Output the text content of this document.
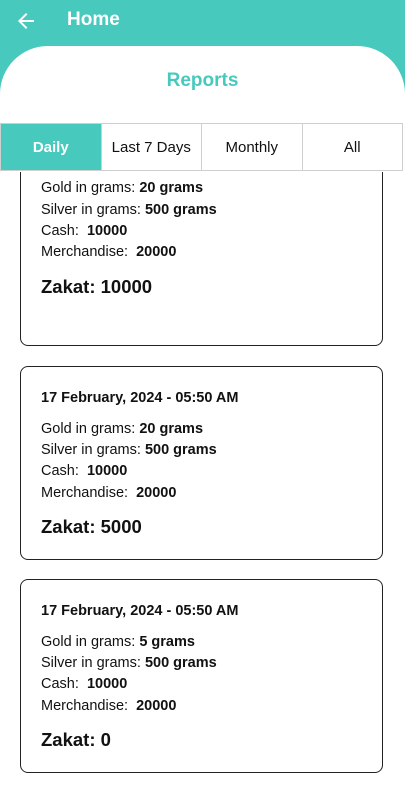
Home
Reports
Daily	Last 7 Days	Monthly	All
Gold in grams: 20 grams
Silver in grams: 500 grams
Cash: 10000
Merchandise: 20000
Zakat: 10000
17 February, 2024 - 05:50 AM
Gold in grams: 20 grams
Silver in grams: 500 grams
Cash: 10000
Merchandise: 20000
Zakat: 5000
17 February, 2024 - 05:50 AM
Gold in grams: 5 grams
Silver in grams: 500 grams
Cash: 10000
Merchandise: 20000
Zakat: 0
